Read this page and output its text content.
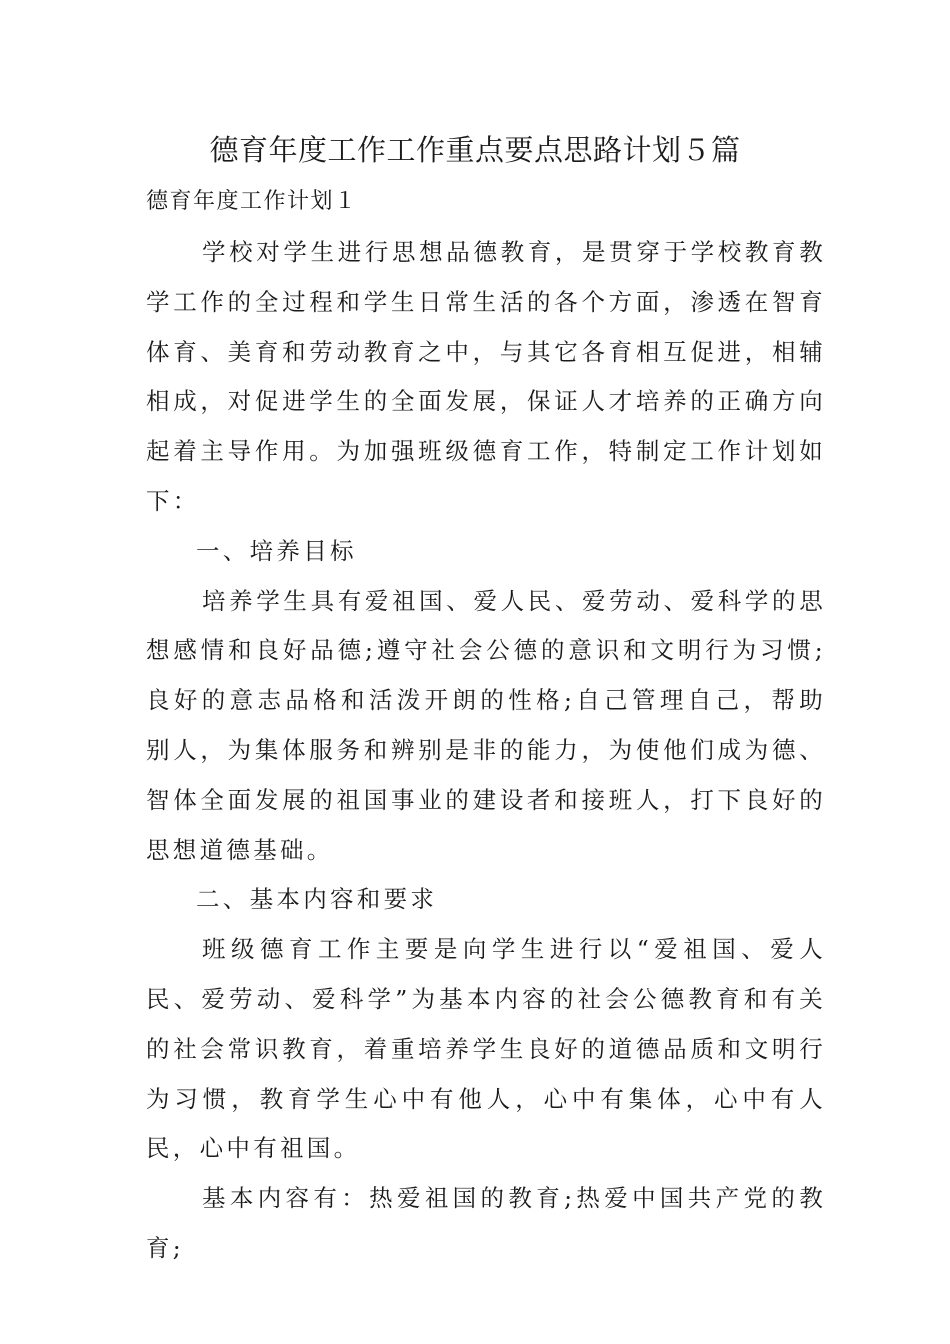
德育年度工作工作重点要点思路计划５篇

德育年度工作计划１

学校对学生进行思想品德教育，是贯穿于学校教育教学工作的全过程和学生日常生活的各个方面，渗透在智育体育、美育和劳动教育之中，与其它各育相互促进，相辅相成，对促进学生的全面发展，保证人才培养的正确方向起着主导作用。为加强班级德育工作，特制定工作计划如下：

一、培养目标

培养学生具有爱祖国、爱人民、爱劳动、爱科学的思想感情和良好品德;遵守社会公德的意识和文明行为习惯;良好的意志品格和活泼开朗的性格;自己管理自己，帮助别人，为集体服务和辨别是非的能力，为使他们成为德、智体全面发展的祖国事业的建设者和接班人，打下良好的思想道德基础。

二、基本内容和要求

班级德育工作主要是向学生进行以“爱祖国、爱人民、爱劳动、爱科学”为基本内容的社会公德教育和有关的社会常识教育，着重培养学生良好的道德品质和文明行为习惯，教育学生心中有他人，心中有集体，心中有人民，心中有祖国。

基本内容有：热爱祖国的教育;热爱中国共产党的教育;
